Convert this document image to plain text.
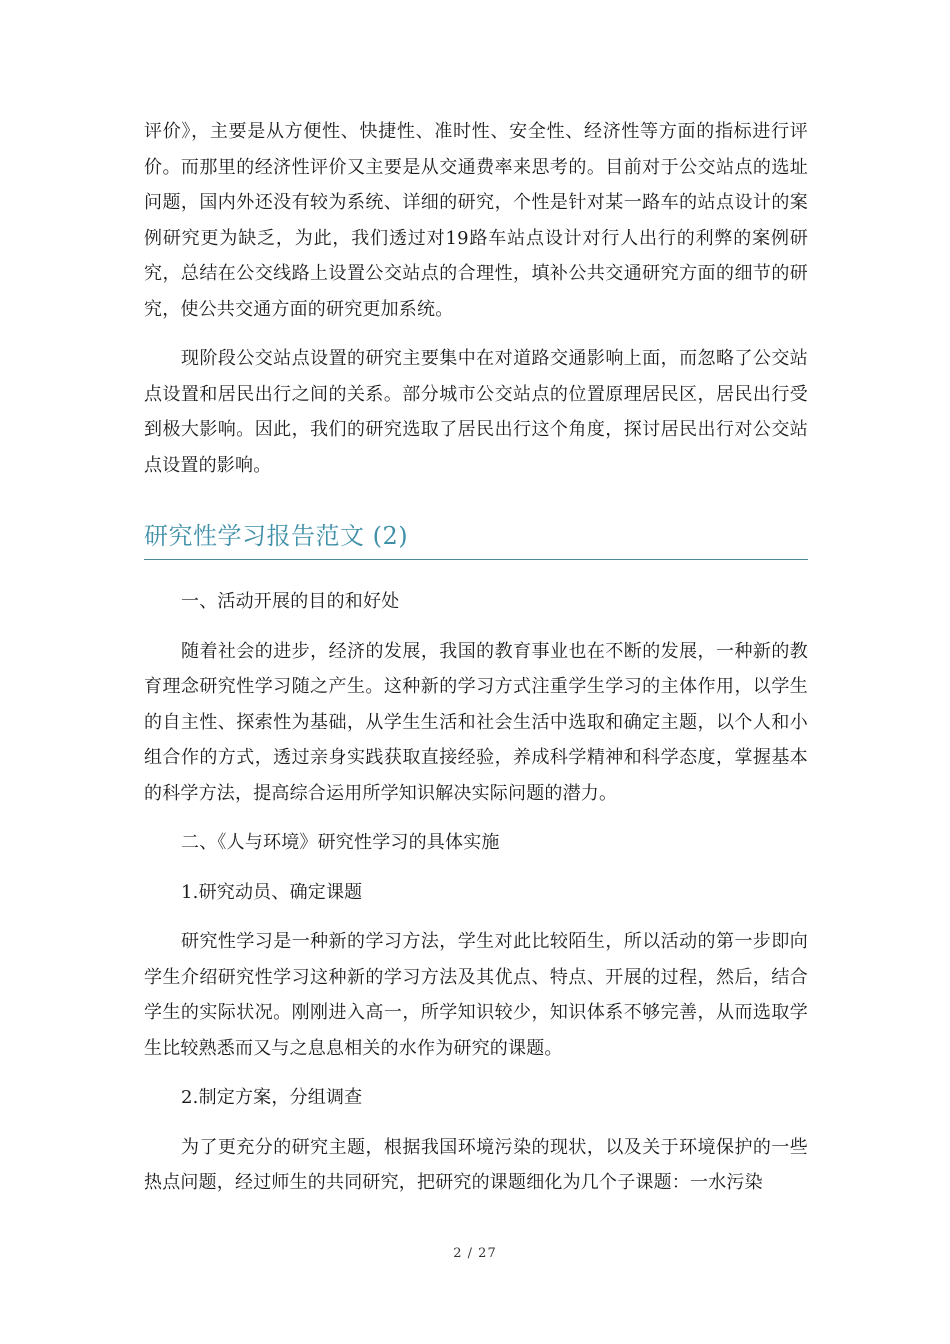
评价》，主要是从方便性、快捷性、准时性、安全性、经济性等方面的指标进行评价。而那里的经济性评价又主要是从交通费率来思考的。目前对于公交站点的选址问题，国内外还没有较为系统、详细的研究，个性是针对某一路车的站点设计的案例研究更为缺乏，为此，我们透过对19路车站点设计对行人出行的利弊的案例研究，总结在公交线路上设置公交站点的合理性，填补公共交通研究方面的细节的研究，使公共交通方面的研究更加系统。

现阶段公交站点设置的研究主要集中在对道路交通影响上面，而忽略了公交站点设置和居民出行之间的关系。部分城市公交站点的位置原理居民区，居民出行受到极大影响。因此，我们的研究选取了居民出行这个角度，探讨居民出行对公交站点设置的影响。

研究性学习报告范文 (2)

一、活动开展的目的和好处

随着社会的进步，经济的发展，我国的教育事业也在不断的发展，一种新的教育理念研究性学习随之产生。这种新的学习方式注重学生学习的主体作用，以学生的自主性、探索性为基础，从学生生活和社会生活中选取和确定主题，以个人和小组合作的方式，透过亲身实践获取直接经验，养成科学精神和科学态度，掌握基本的科学方法，提高综合运用所学知识解决实际问题的潜力。

二、《人与环境》研究性学习的具体实施

1.研究动员、确定课题

研究性学习是一种新的学习方法，学生对此比较陌生，所以活动的第一步即向学生介绍研究性学习这种新的学习方法及其优点、特点、开展的过程，然后，结合学生的实际状况。刚刚进入高一，所学知识较少，知识体系不够完善，从而选取学生比较熟悉而又与之息息相关的水作为研究的课题。

2.制定方案，分组调查

为了更充分的研究主题，根据我国环境污染的现状，以及关于环境保护的一些热点问题，经过师生的共同研究，把研究的课题细化为几个子课题：一水污染

2 / 27
